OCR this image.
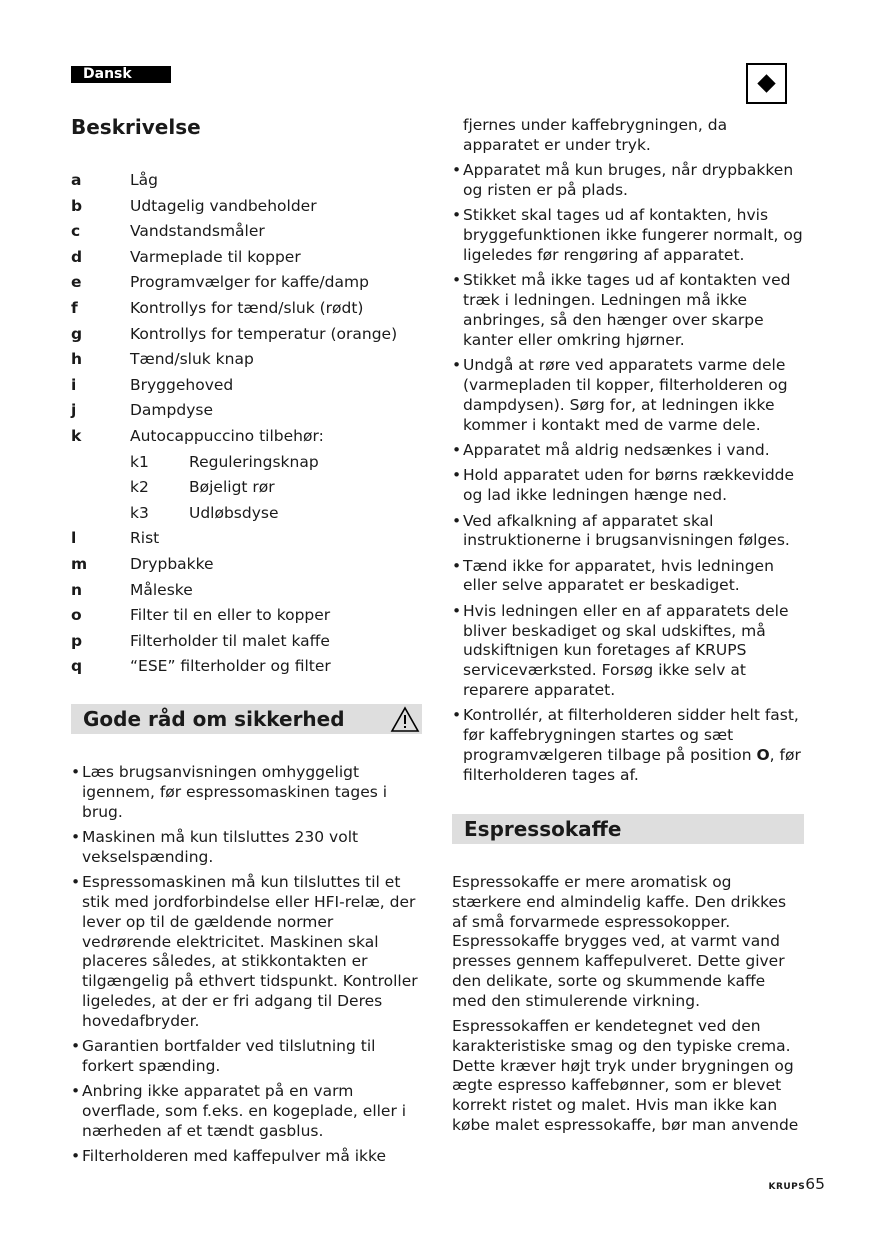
Dansk
Beskrivelse
a	Låg
b	Udtagelig vandbeholder
c	Vandstandsmåler
d	Varmeplade til kopper
e	Programvælger for kaffe/damp
f	Kontrollys for tænd/sluk (rødt)
g	Kontrollys for temperatur (orange)
h	Tænd/sluk knap
i	Bryggehoved
j	Dampdyse
k	Autocappuccino tilbehør:
k1	Reguleringsknap
k2	Bøjeligt rør
k3	Udløbsdyse
l	Rist
m	Drypbakke
n	Måleske
o	Filter til en eller to kopper
p	Filterholder til malet kaffe
q	“ESE” filterholder og filter
Gode råd om sikkerhed
• Læs brugsanvisningen omhyggeligt igennem, før espressomaskinen tages i brug.
• Maskinen må kun tilsluttes 230 volt vekselspænding.
• Espressomaskinen må kun tilsluttes til et stik med jordforbindelse eller HFI-relæ, der lever op til de gældende normer vedrørende elektricitet. Maskinen skal placeres således, at stikkontakten er tilgængelig på ethvert tidspunkt. Kontroller ligeledes, at der er fri adgang til Deres hovedafbryder.
• Garantien bortfalder ved tilslutning til forkert spænding.
• Anbring ikke apparatet på en varm overflade, som f.eks. en kogeplade, eller i nærheden af et tændt gasblus.
• Filterholderen med kaffepulver må ikke
fjernes under kaffebrygningen, da apparatet er under tryk.
• Apparatet må kun bruges, når drypbakken og risten er på plads.
• Stikket skal tages ud af kontakten, hvis bryggefunktionen ikke fungerer normalt, og ligeledes før rengøring af apparatet.
• Stikket må ikke tages ud af kontakten ved træk i ledningen. Ledningen må ikke anbringes, så den hænger over skarpe kanter eller omkring hjørner.
• Undgå at røre ved apparatets varme dele (varmepladen til kopper, filterholderen og dampdysen). Sørg for, at ledningen ikke kommer i kontakt med de varme dele.
• Apparatet må aldrig nedsænkes i vand.
• Hold apparatet uden for børns rækkevidde og lad ikke ledningen hænge ned.
• Ved afkalkning af apparatet skal instruktionerne i brugsanvisningen følges.
• Tænd ikke for apparatet, hvis ledningen eller selve apparatet er beskadiget.
• Hvis ledningen eller en af apparatets dele bliver beskadiget og skal udskiftes, må udskiftnigen kun foretages af KRUPS serviceværksted. Forsøg ikke selv at reparere apparatet.
• Kontrollér, at filterholderen sidder helt fast, før kaffebrygningen startes og sæt programvælgeren tilbage på position O, før filterholderen tages af.
Espressokaffe

Espressokaffe er mere aromatisk og stærkere end almindelig kaffe. Den drikkes af små forvarmede espressokopper. Espressokaffe brygges ved, at varmt vand presses gennem kaffepulveret. Dette giver den delikate, sorte og skummende kaffe med den stimulerende virkning.

Espressokaffen er kendetegnet ved den karakteristiske smag og den typiske crema. Dette kræver højt tryk under brygningen og ægte espresso kaffebønner, som er blevet korrekt ristet og malet. Hvis man ikke kan købe malet espressokaffe, bør man anvende

KRUPS65
